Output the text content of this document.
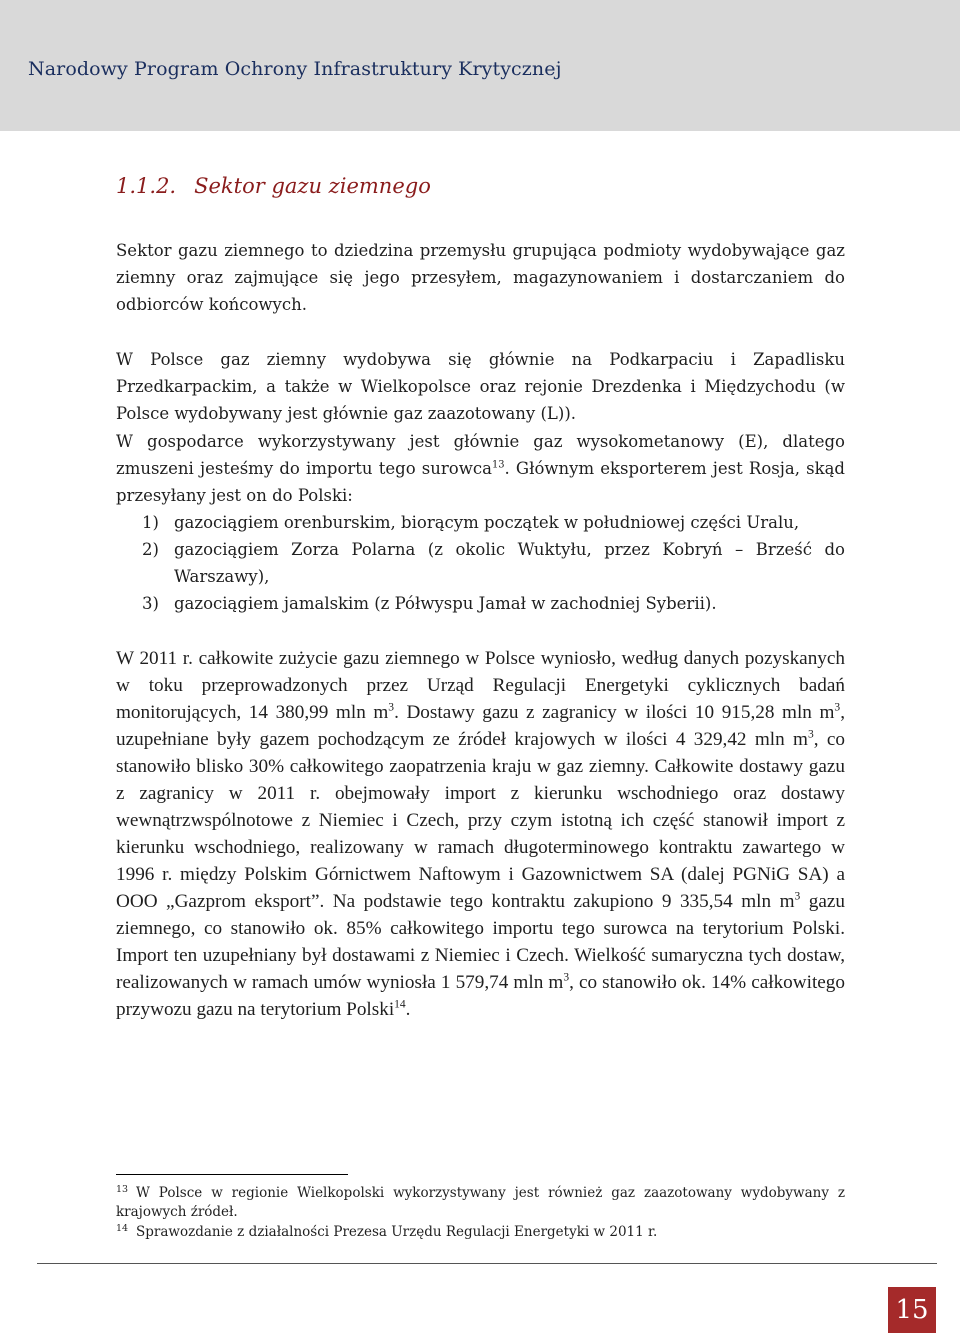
Narodowy Program Ochrony Infrastruktury Krytycznej
1.1.2. Sektor gazu ziemnego

Sektor gazu ziemnego to dziedzina przemysłu grupująca podmioty wydobywające gaz ziemny oraz zajmujące się jego przesyłem, magazynowaniem i dostarczaniem do odbiorców końcowych.

W Polsce gaz ziemny wydobywa się głównie na Podkarpaciu i Zapadlisku Przedkarpackim, a także w Wielkopolsce oraz rejonie Drezdenka i Międzychodu (w Polsce wydobywany jest głównie gaz zaazotowany (L)).

W gospodarce wykorzystywany jest głównie gaz wysokometanowy (E), dlatego zmuszeni jesteśmy do importu tego surowca$^{13}$. Głównym eksporterem jest Rosja, skąd przesyłany jest on do Polski:

1) gazociągiem orenburskim, biorącym początek w południowej części Uralu,
2) gazociągiem Zorza Polarna (z okolic Wuktyłu, przez Kobryń – Brześć do Warszawy),
3) gazociągiem jamalskim (z Półwyspu Jamał w zachodniej Syberii).

W 2011 r. całkowite zużycie gazu ziemnego w Polsce wyniosło, według danych pozyskanych w toku przeprowadzonych przez Urząd Regulacji Energetyki cyklicznych badań monitorujących, 14 380,99 mln $m^3$. Dostawy gazu z zagranicy w ilości 10 915,28 mln $m^3$, uzupełniane były gazem pochodzącym ze źródeł krajowych w ilości 4 329,42 mln $m^3$, co stanowiło blisko 30% całkowitego zaopatrzenia kraju w gaz ziemny. Całkowite dostawy gazu z zagranicy w 2011 r. obejmowały import z kierunku wschodniego oraz dostawy wewnątrzwspólnotowe z Niemiec i Czech, przy czym istotną ich część stanowił import z kierunku wschodniego, realizowany w ramach długoterminowego kontraktu zawartego w 1996 r. między Polskim Górnictwem Naftowym i Gazownictwem SA (dalej PGNiG SA) a OOO „Gazprom eksport”. Na podstawie tego kontraktu zakupiono 9 335,54 mln $m^3$ gazu ziemnego, co stanowiło ok. 85% całkowitego importu tego surowca na terytorium Polski. Import ten uzupełniany był dostawami z Niemiec i Czech. Wielkość sumaryczna tych dostaw, realizowanych w ramach umów wyniosła 1 579,74 mln $m^3$, co stanowiło ok. 14% całkowitego przywozu gazu na terytorium Polski$^{14}$.

$^{13}$ W Polsce w regionie Wielkopolski wykorzystywany jest również gaz zaazotowany wydobywany z krajowych źródeł.
$^{14}$ Sprawozdanie z działalności Prezesa Urzędu Regulacji Energetyki w 2011 r.
15
